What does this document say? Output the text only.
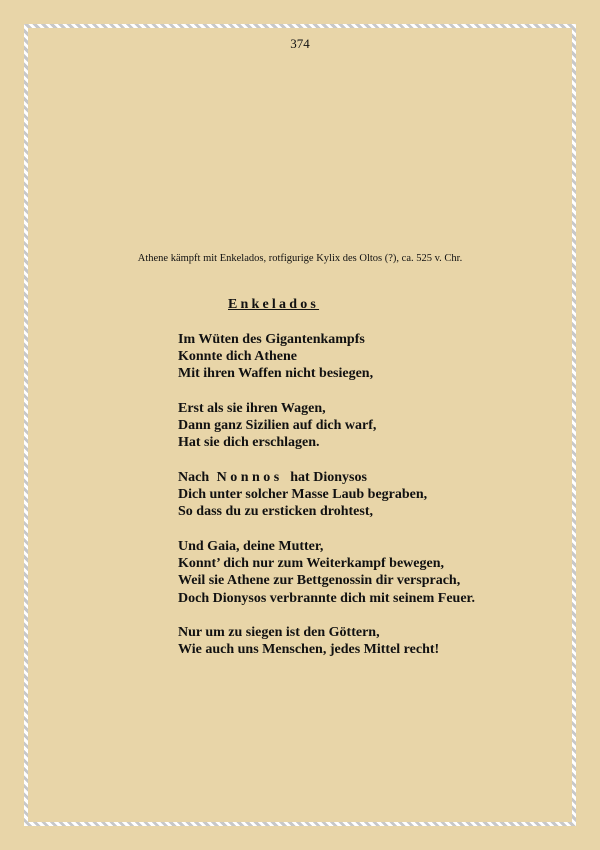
374
Athene kämpft mit Enkelados, rotfigurige Kylix des Oltos (?), ca. 525 v. Chr.
Enkelados
Im Wüten des Gigantenkampfs
Konnte dich Athene
Mit ihren Waffen nicht besiegen,
Erst als sie ihren Wagen,
Dann ganz Sizilien auf dich warf,
Hat sie dich erschlagen.
Nach Nonnos hat Dionysos
Dich unter solcher Masse Laub begraben,
So dass du zu ersticken drohtest,
Und Gaia, deine Mutter,
Konnt’ dich nur zum Weiterkampf bewegen,
Weil sie Athene zur Bettgenossin dir versprach,
Doch Dionysos verbrannte dich mit seinem Feuer.
Nur um zu siegen ist den Göttern,
Wie auch uns Menschen, jedes Mittel recht!
